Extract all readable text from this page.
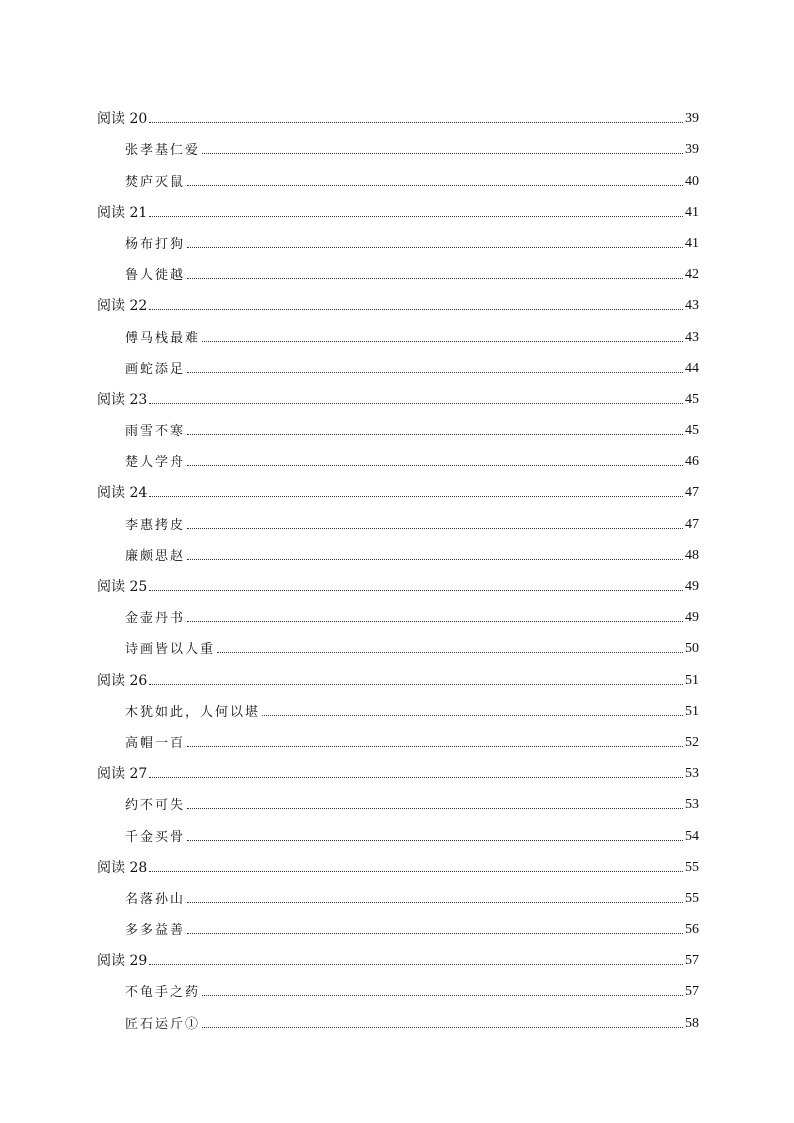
阅读 20	39
张孝基仁爱	39
焚庐灭鼠	40
阅读 21	41
杨布打狗	41
鲁人徙越	42
阅读 22	43
傅马栈最难	43
画蛇添足	44
阅读 23	45
雨雪不寒	45
楚人学舟	46
阅读 24	47
李惠拷皮	47
廉颇思赵	48
阅读 25	49
金壶丹书	49
诗画皆以人重	50
阅读 26	51
木犹如此，人何以堪	51
高帽一百	52
阅读 27	53
约不可失	53
千金买骨	54
阅读 28	55
名落孙山	55
多多益善	56
阅读 29	57
不龟手之药	57
匠石运斤①	58
